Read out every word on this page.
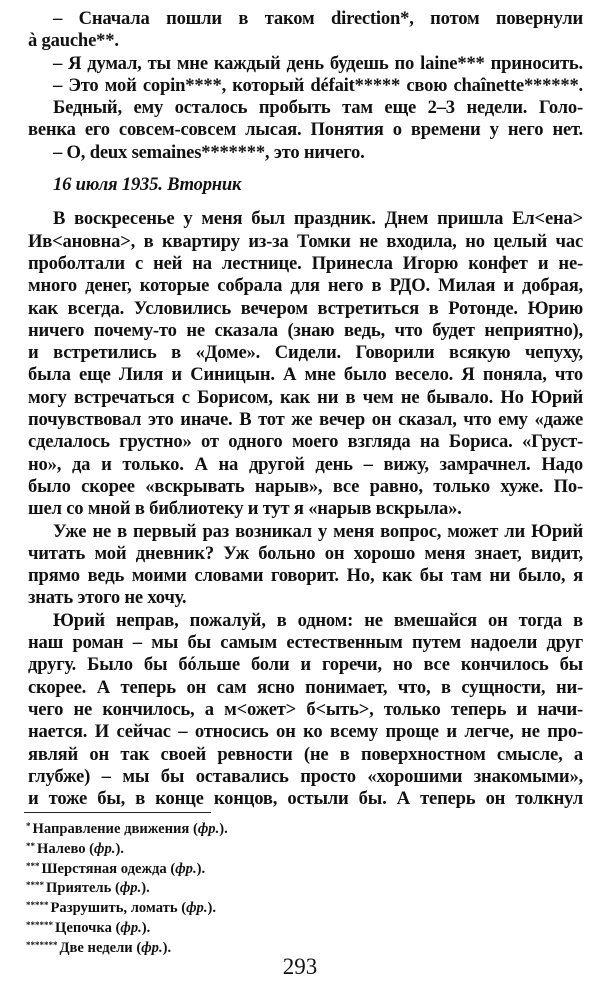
– Сначала пошли в таком direction*, потом повернули
à gauche**.
– Я думал, ты мне каждый день будешь по laine*** приносить.
– Это мой copin****, который défait***** свою chaînette******.
Бедный, ему осталось пробыть там еще 2–3 недели. Голо-
венка его совсем-совсем лысая. Понятия о времени у него нет.
– О, deux semaines*******, это ничего.
16 июля 1935. Вторник
В воскресенье у меня был праздник. Днем пришла Ел<ена>
Ив<ановна>, в квартиру из-за Томки не входила, но целый час
проболтали с ней на лестнице. Принесла Игорю конфет и не-
много денег, которые собрала для него в РДО. Милая и добрая,
как всегда. Условились вечером встретиться в Ротонде. Юрию
ничего почему-то не сказала (знаю ведь, что будет неприятно),
и встретились в «Доме». Сидели. Говорили всякую чепуху,
была еще Лиля и Синицын. А мне было весело. Я поняла, что
могу встречаться с Борисом, как ни в чем не бывало. Но Юрий
почувствовал это иначе. В тот же вечер он сказал, что ему «даже
сделалось грустно» от одного моего взгляда на Бориса. «Груст-
но», да и только. А на другой день – вижу, замрачнел. Надо
было скорее «вскрывать нарыв», все равно, только хуже. По-
шел со мной в библиотеку и тут я «нарыв вскрыла».
Уже не в первый раз возникал у меня вопрос, может ли Юрий
читать мой дневник? Уж больно он хорошо меня знает, видит,
прямо ведь моими словами говорит. Но, как бы там ни было, я
знать этого не хочу.
Юрий неправ, пожалуй, в одном: не вмешайся он тогда в
наш роман – мы бы самым естественным путем надоели друг
другу. Было бы бóльше боли и горечи, но все кончилось бы
скорее. А теперь он сам ясно понимает, что, в сущности, ни-
чего не кончилось, а м<ожет> б<ыть>, только теперь и начи-
нается. И сейчас – относись он ко всему проще и легче, не про-
являй он так своей ревности (не в поверхностном смысле, а
глубже) – мы бы оставались просто «хорошими знакомыми»,
и тоже бы, в конце концов, остыли бы. А теперь он толкнул
* Направление движения (фр.).
** Налево (фр.).
*** Шерстяная одежда (фр.).
**** Приятель (фр.).
***** Разрушить, ломать (фр.).
****** Цепочка (фр.).
******* Две недели (фр.).
293
